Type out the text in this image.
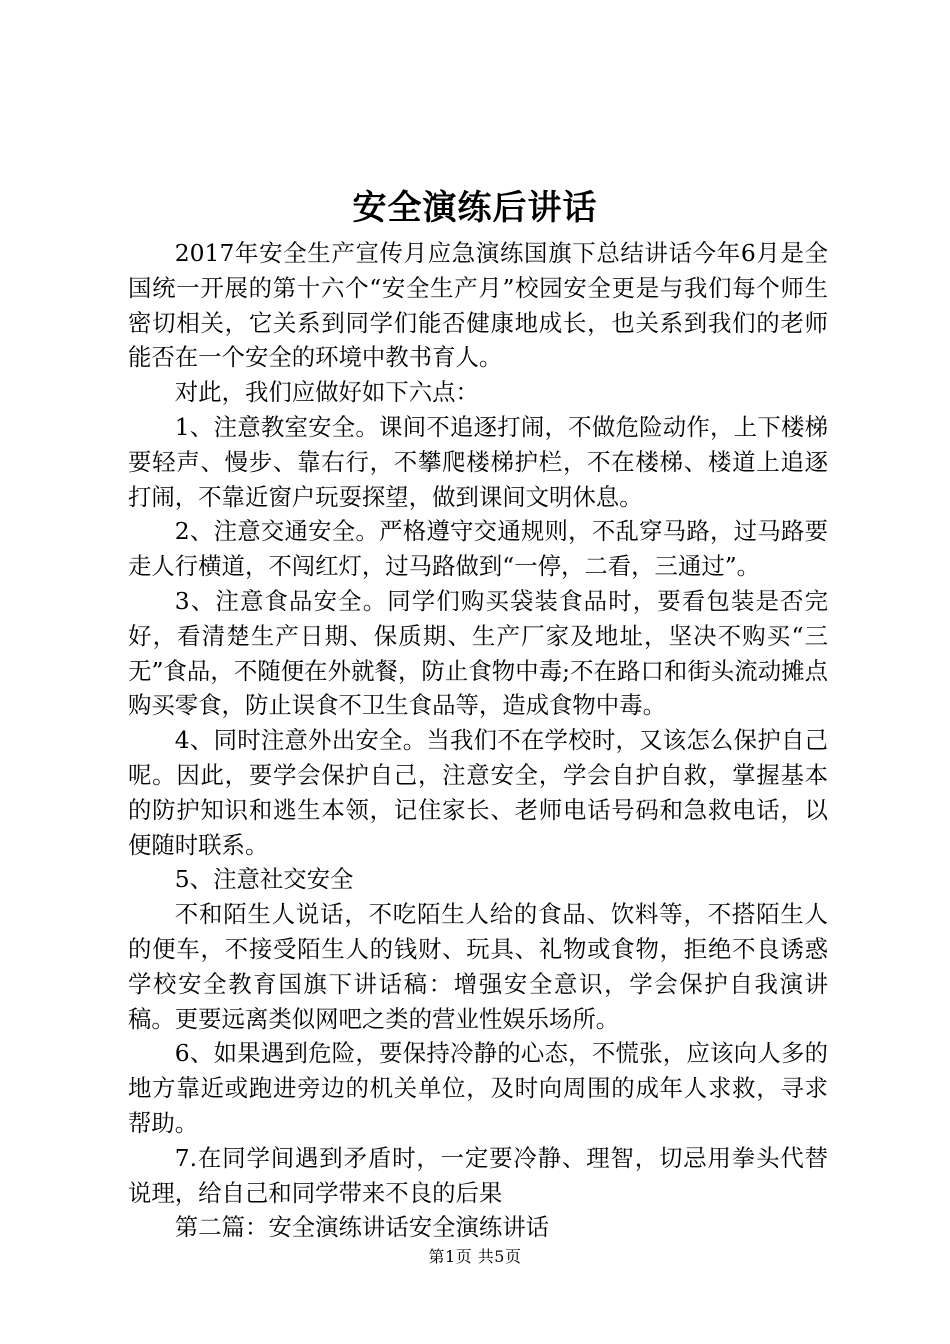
安全演练后讲话

2017年安全生产宣传月应急演练国旗下总结讲话今年6月是全国统一开展的第十六个“安全生产月”校园安全更是与我们每个师生密切相关，它关系到同学们能否健康地成长，也关系到我们的老师能否在一个安全的环境中教书育人。

对此，我们应做好如下六点：

1、注意教室安全。课间不追逐打闹，不做危险动作，上下楼梯要轻声、慢步、靠右行，不攀爬楼梯护栏，不在楼梯、楼道上追逐打闹，不靠近窗户玩耍探望，做到课间文明休息。

2、注意交通安全。严格遵守交通规则，不乱穿马路，过马路要走人行横道，不闯红灯，过马路做到“一停，二看，三通过”。

3、注意食品安全。同学们购买袋装食品时，要看包装是否完好，看清楚生产日期、保质期、生产厂家及地址，坚决不购买“三无”食品，不随便在外就餐，防止食物中毒;不在路口和街头流动摊点购买零食，防止误食不卫生食品等，造成食物中毒。

4、同时注意外出安全。当我们不在学校时，又该怎么保护自己呢。因此，要学会保护自己，注意安全，学会自护自救，掌握基本的防护知识和逃生本领，记住家长、老师电话号码和急救电话，以便随时联系。

5、注意社交安全

不和陌生人说话，不吃陌生人给的食品、饮料等，不搭陌生人的便车，不接受陌生人的钱财、玩具、礼物或食物，拒绝不良诱惑学校安全教育国旗下讲话稿：增强安全意识，学会保护自我演讲稿。更要远离类似网吧之类的营业性娱乐场所。

6、如果遇到危险，要保持冷静的心态，不慌张，应该向人多的地方靠近或跑进旁边的机关单位，及时向周围的成年人求救，寻求帮助。

7.在同学间遇到矛盾时，一定要冷静、理智，切忌用拳头代替说理，给自己和同学带来不良的后果

第二篇：安全演练讲话安全演练讲话

第1页 共5页
